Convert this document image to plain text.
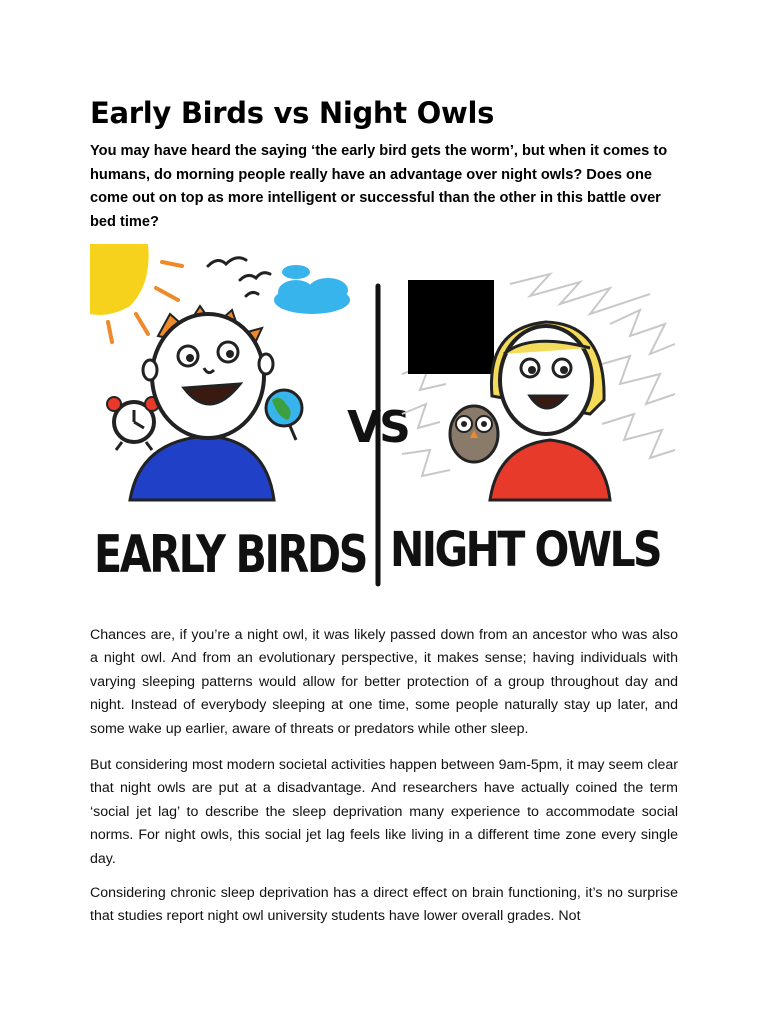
Early Birds vs Night Owls

You may have heard the saying ‘the early bird gets the worm’, but when it comes to humans, do morning people really have an advantage over night owls? Does one come out on top as more intelligent or successful than the other in this battle over bed time?

VS
EARLY BIRDS NIGHT OWLS

Chances are, if you’re a night owl, it was likely passed down from an ancestor who was also a night owl. And from an evolutionary perspective, it makes sense; having individuals with varying sleeping patterns would allow for better protection of a group throughout day and night. Instead of everybody sleeping at one time, some people naturally stay up later, and some wake up earlier, aware of threats or predators while other sleep.

But considering most modern societal activities happen between 9am-5pm, it may seem clear that night owls are put at a disadvantage. And researchers have actually coined the term ‘social jet lag’ to describe the sleep deprivation many experience to accommodate social norms. For night owls, this social jet lag feels like living in a different time zone every single day.

Considering chronic sleep deprivation has a direct effect on brain functioning, it’s no surprise that studies report night owl university students have lower overall grades. Not
